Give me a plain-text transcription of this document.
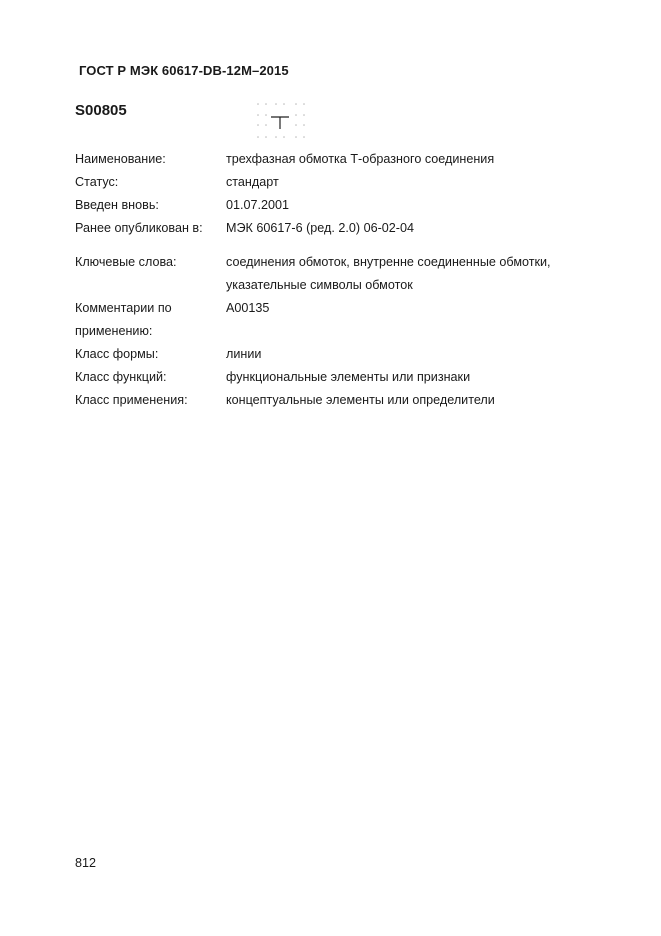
ГОСТ Р МЭК 60617-DB-12М–2015
S00805
Наименование:	трехфазная обмотка Т-образного соединения
Статус:	стандарт
Введен вновь:	01.07.2001
Ранее опубликован в:	МЭК 60617-6 (ред. 2.0) 06-02-04
Ключевые слова:	соединения обмоток, внутренне соединенные обмотки,
указательные символы обмоток
Комментарии по
применению:
A00135
Класс формы:	линии
Класс функций:	функциональные элементы или признаки
Класс применения:	концептуальные элементы или определители
812
